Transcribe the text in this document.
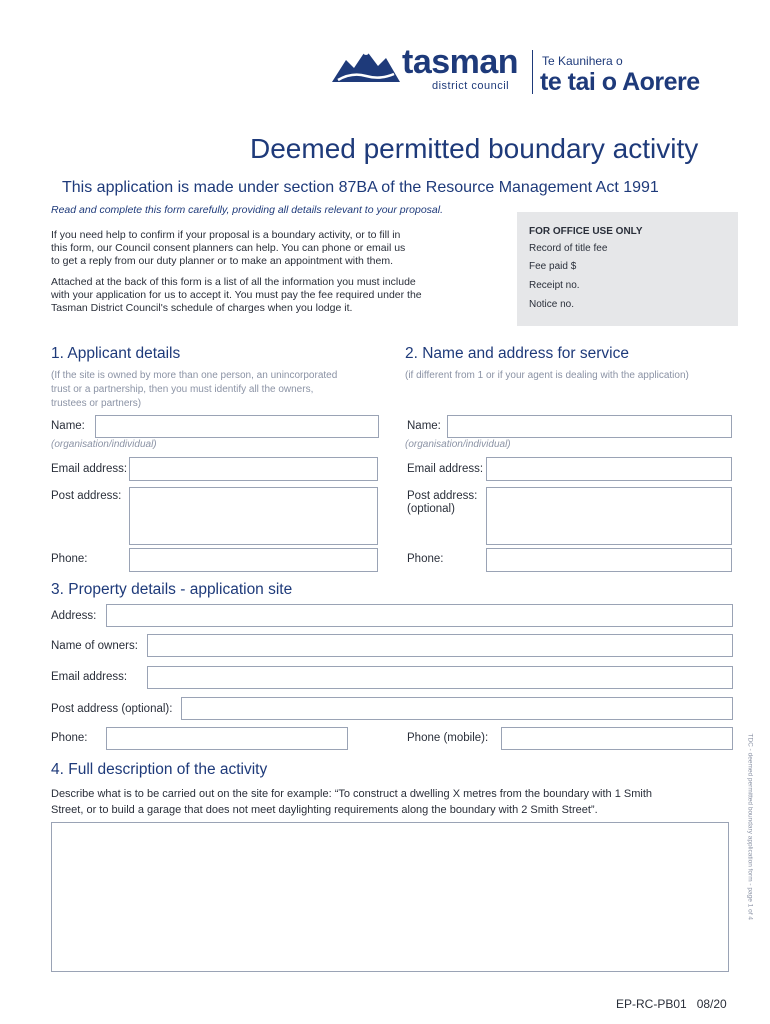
tasman
district council
Te Kaunihera o
te tai o Aorere
Deemed permitted boundary activity
This application is made under section 87BA of the Resource Management Act 1991
Read and complete this form carefully, providing all details relevant to your proposal.
If you need help to confirm if your proposal is a boundary activity, or to fill in
this form, our Council consent planners can help. You can phone or email us
to get a reply from our duty planner or to make an appointment with them.
Attached at the back of this form is a list of all the information you must include
with your application for us to accept it. You must pay the fee required under the
Tasman District Council's schedule of charges when you lodge it.
FOR OFFICE USE ONLY
Record of title fee
Fee paid $
Receipt no.
Notice no.
1. Applicant details
(If the site is owned by more than one person, an unincorporated
trust or a partnership, then you must identify all the owners,
trustees or partners)
Name:
(organisation/individual)
Email address:
Post address:
Phone:
2. Name and address for service
(if different from 1 or if your agent is dealing with the application)
Name:
(organisation/individual)
Email address:
Post address:
(optional)
Phone:
3. Property details - application site
Address:
Name of owners:
Email address:
Post address (optional):
Phone:	Phone (mobile):
4. Full description of the activity
Describe what is to be carried out on the site for example: “To construct a dwelling X metres from the boundary with 1 Smith
Street, or to build a garage that does not meet daylighting requirements along the boundary with 2 Smith Street”.	TDC - deemed permitted boundary application form - page 1 of 4
EP-RC-PB01   08/20
